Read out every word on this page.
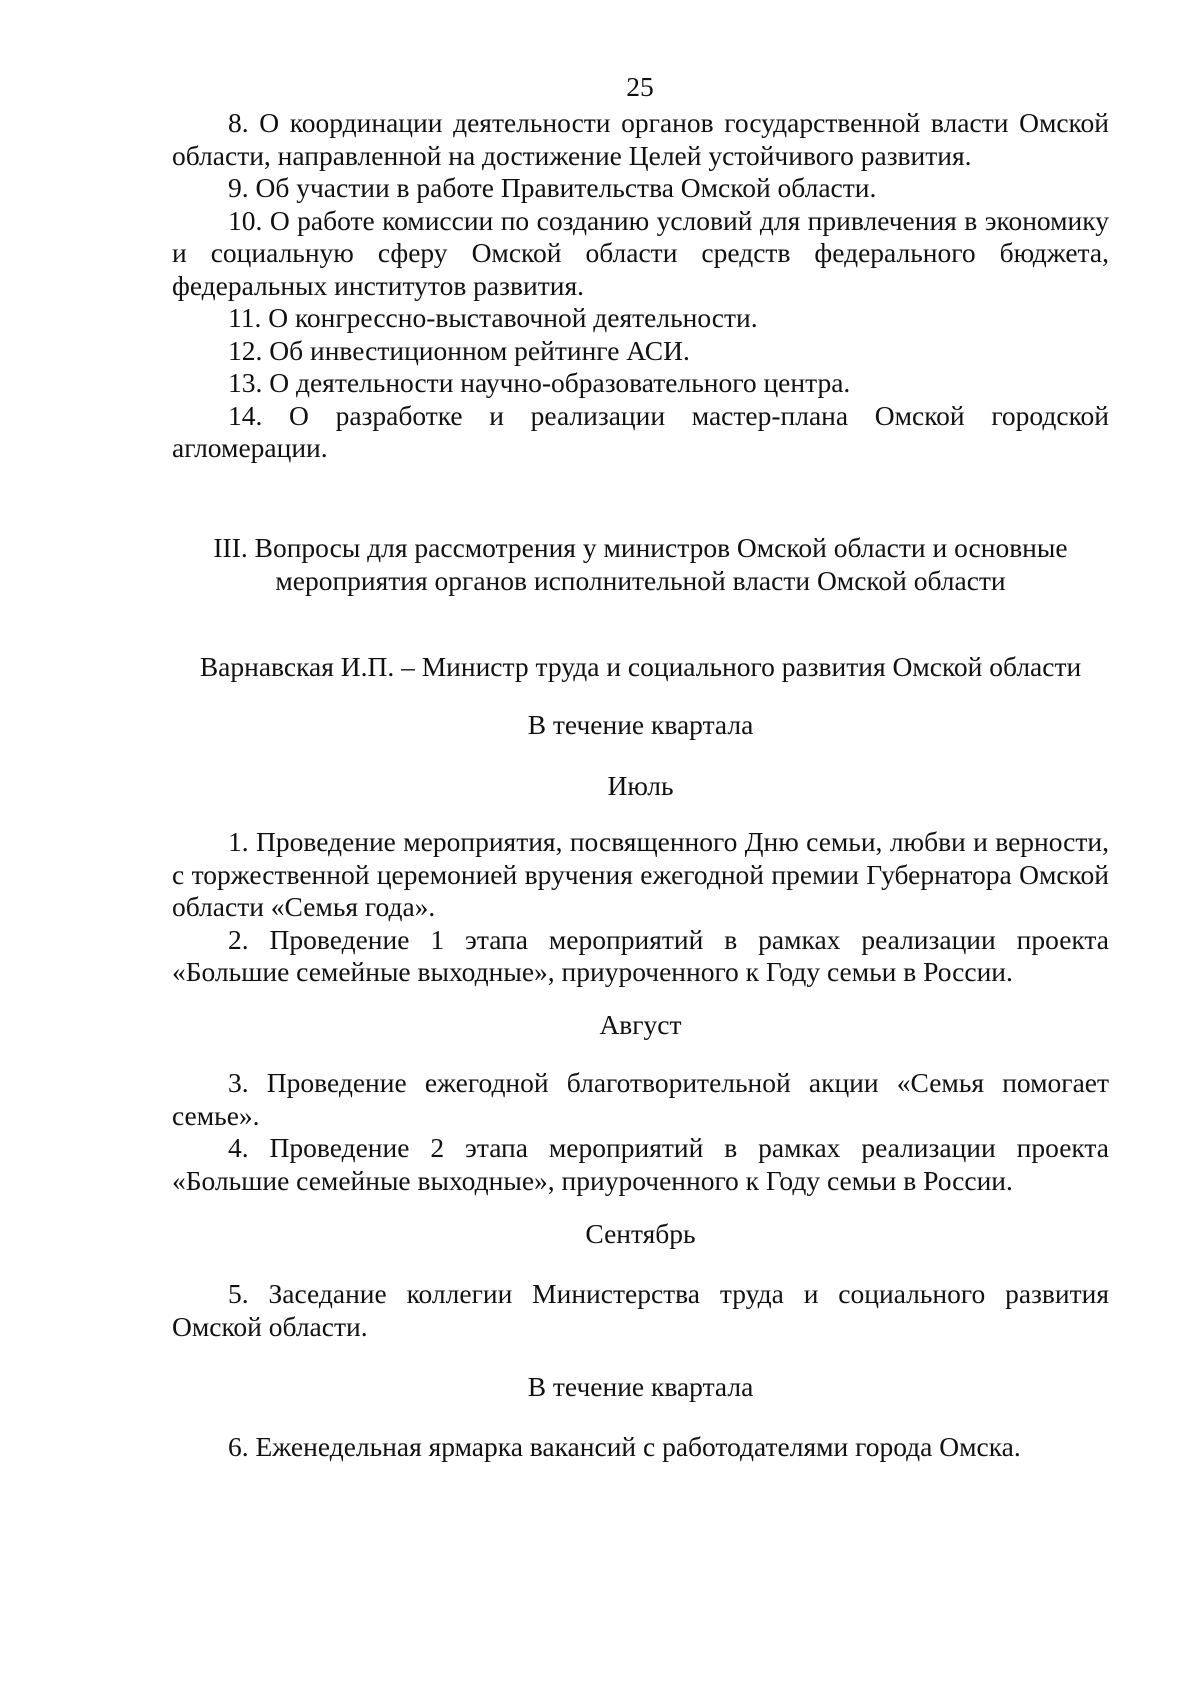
25

8. О координации деятельности органов государственной власти Омской области, направленной на достижение Целей устойчивого развития.

9. Об участии в работе Правительства Омской области.

10. О работе комиссии по созданию условий для привлечения в экономику и социальную сферу Омской области средств федерального бюджета, федеральных институтов развития.

11. О конгрессно-выставочной деятельности.

12. Об инвестиционном рейтинге АСИ.

13. О деятельности научно-образовательного центра.

14. О разработке и реализации мастер-плана Омской городской агломерации.

III. Вопросы для рассмотрения у министров Омской области и основные
мероприятия органов исполнительной власти Омской области
Варнавская И.П. – Министр труда и социального развития Омской области
В течение квартала
Июль

1. Проведение мероприятия, посвященного Дню семьи, любви и верности, с торжественной церемонией вручения ежегодной премии Губернатора Омской области «Семья года».

2. Проведение 1 этапа мероприятий в рамках реализации проекта «Большие семейные выходные», приуроченного к Году семьи в России.

Август

3. Проведение ежегодной благотворительной акции «Семья помогает семье».

4. Проведение 2 этапа мероприятий в рамках реализации проекта «Большие семейные выходные», приуроченного к Году семьи в России.

Сентябрь

5. Заседание коллегии Министерства труда и социального развития Омской области.

В течение квартала

6. Еженедельная ярмарка вакансий с работодателями города Омска.
